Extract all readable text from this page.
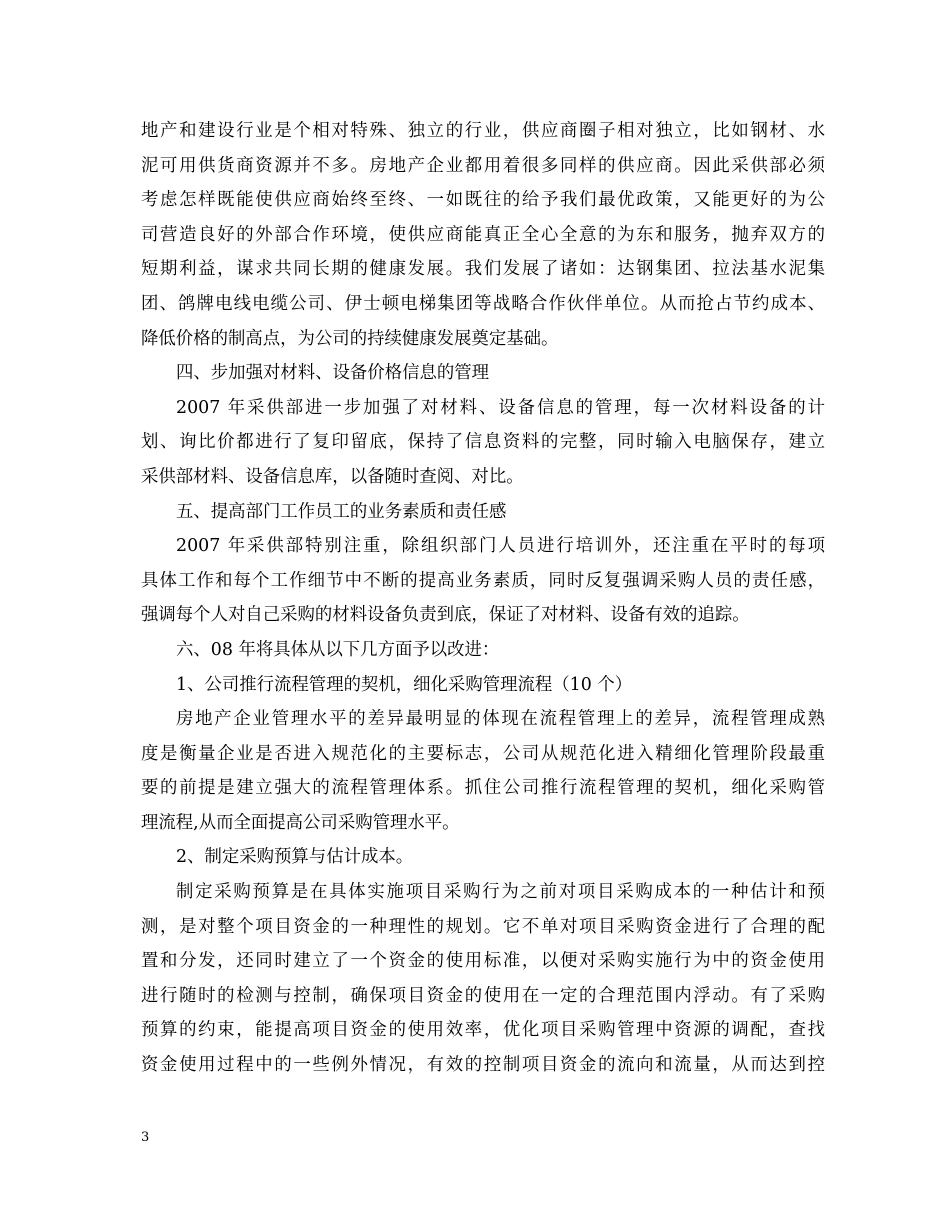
地产和建设行业是个相对特殊、独立的行业，供应商圈子相对独立，比如钢材、水
泥可用供货商资源并不多。房地产企业都用着很多同样的供应商。因此采供部必须
考虑怎样既能使供应商始终至终、一如既往的给予我们最优政策，又能更好的为公
司营造良好的外部合作环境，使供应商能真正全心全意的为东和服务，抛弃双方的
短期利益，谋求共同长期的健康发展。我们发展了诸如：达钢集团、拉法基水泥集
团、鸽牌电线电缆公司、伊士顿电梯集团等战略合作伙伴单位。从而抢占节约成本、
降低价格的制高点，为公司的持续健康发展奠定基础。
四、步加强对材料、设备价格信息的管理
2007 年采供部进一步加强了对材料、设备信息的管理，每一次材料设备的计
划、询比价都进行了复印留底，保持了信息资料的完整，同时输入电脑保存，建立
采供部材料、设备信息库，以备随时查阅、对比。
五、提高部门工作员工的业务素质和责任感
2007 年采供部特别注重，除组织部门人员进行培训外，还注重在平时的每项
具体工作和每个工作细节中不断的提高业务素质，同时反复强调采购人员的责任感，
强调每个人对自己采购的材料设备负责到底，保证了对材料、设备有效的追踪。
六、08 年将具体从以下几方面予以改进：
1、公司推行流程管理的契机，细化采购管理流程（10 个）
房地产企业管理水平的差异最明显的体现在流程管理上的差异，流程管理成熟
度是衡量企业是否进入规范化的主要标志，公司从规范化进入精细化管理阶段最重
要的前提是建立强大的流程管理体系。抓住公司推行流程管理的契机，细化采购管
理流程,从而全面提高公司采购管理水平。
2、制定采购预算与估计成本。
制定采购预算是在具体实施项目采购行为之前对项目采购成本的一种估计和预
测，是对整个项目资金的一种理性的规划。它不单对项目采购资金进行了合理的配
置和分发，还同时建立了一个资金的使用标准，以便对采购实施行为中的资金使用
进行随时的检测与控制，确保项目资金的使用在一定的合理范围内浮动。有了采购
预算的约束，能提高项目资金的使用效率，优化项目采购管理中资源的调配，查找
资金使用过程中的一些例外情况，有效的控制项目资金的流向和流量，从而达到控
3
